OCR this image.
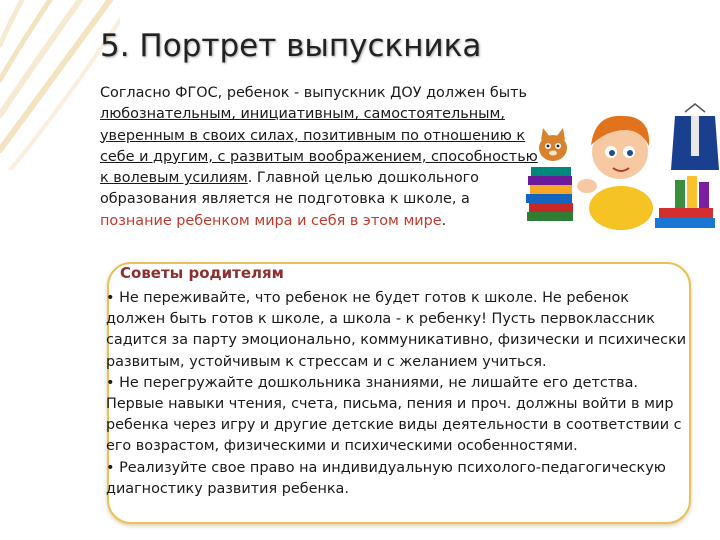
5. Портрет выпускника
Согласно ФГОС, ребенок - выпускник ДОУ должен быть любознательным, инициативным, самостоятельным, уверенным в своих силах, позитивным по отношению к себе и другим, с развитым воображением, способностью к волевым усилиям. Главной целью дошкольного образования является не подготовка к школе, а познание ребенком мира и себя в этом мире.
Советы родителям
• Не переживайте, что ребенок не будет готов к школе. Не ребенок должен быть готов к школе, а школа - к ребенку! Пусть первоклассник садится за парту эмоционально, коммуникативно, физически и психически развитым, устойчивым к стрессам и с желанием учиться.
• Не перегружайте дошкольника знаниями, не лишайте его детства. Первые навыки чтения, счета, письма, пения и проч. должны войти в мир ребенка через игру и другие детские виды деятельности в соответствии с его возрастом, физическими и психическими особенностями.
• Реализуйте свое право на индивидуальную психолого-педагогическую диагностику развития ребенка.
